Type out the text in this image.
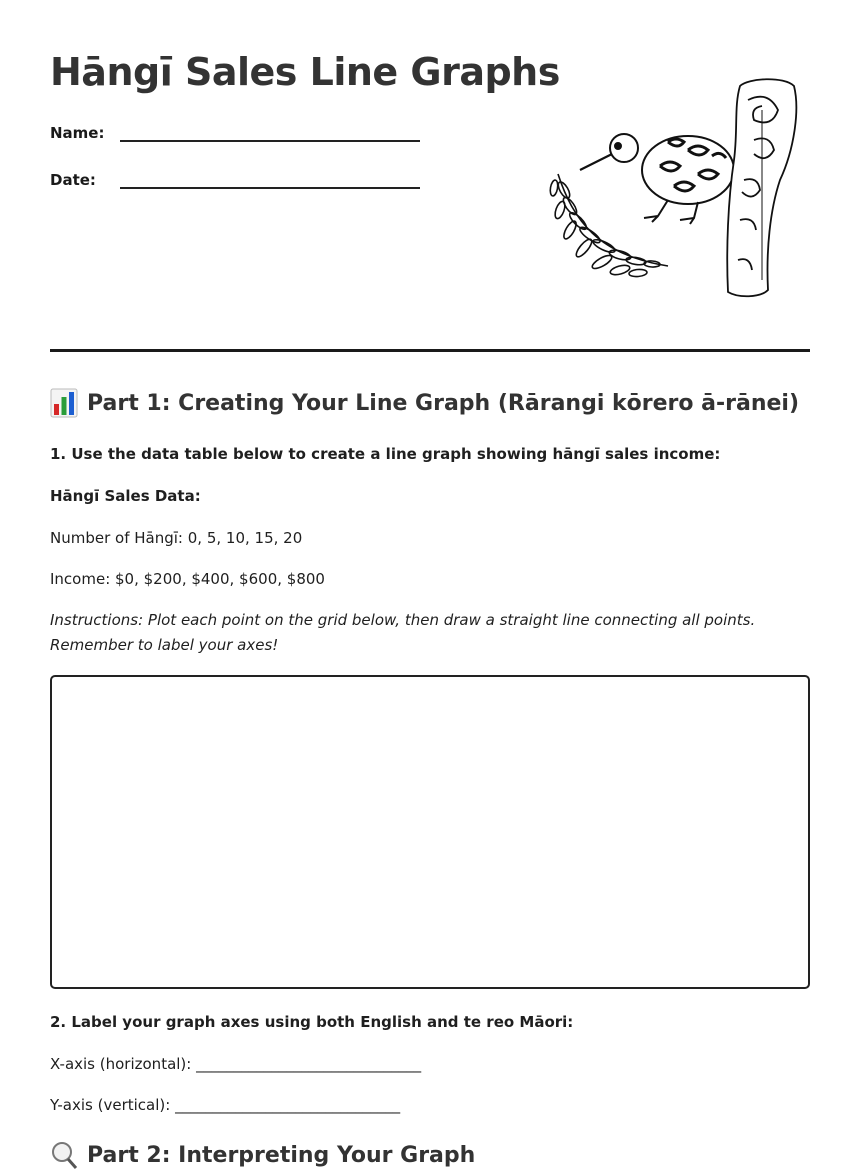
Hāngī Sales Line Graphs
Name:
Date:
Part 1: Creating Your Line Graph (Rārangi kōrero ā-rānei)

1. Use the data table below to create a line graph showing hāngī sales income:

Hāngī Sales Data:

Number of Hāngī: 0, 5, 10, 15, 20

Income: $0, $200, $400, $600, $800

Instructions: Plot each point on the grid below, then draw a straight line connecting all points. Remember to label your axes!

2. Label your graph axes using both English and te reo Māori:

X-axis (horizontal): ______________________________

Y-axis (vertical): ______________________________

Part 2: Interpreting Your Graph
